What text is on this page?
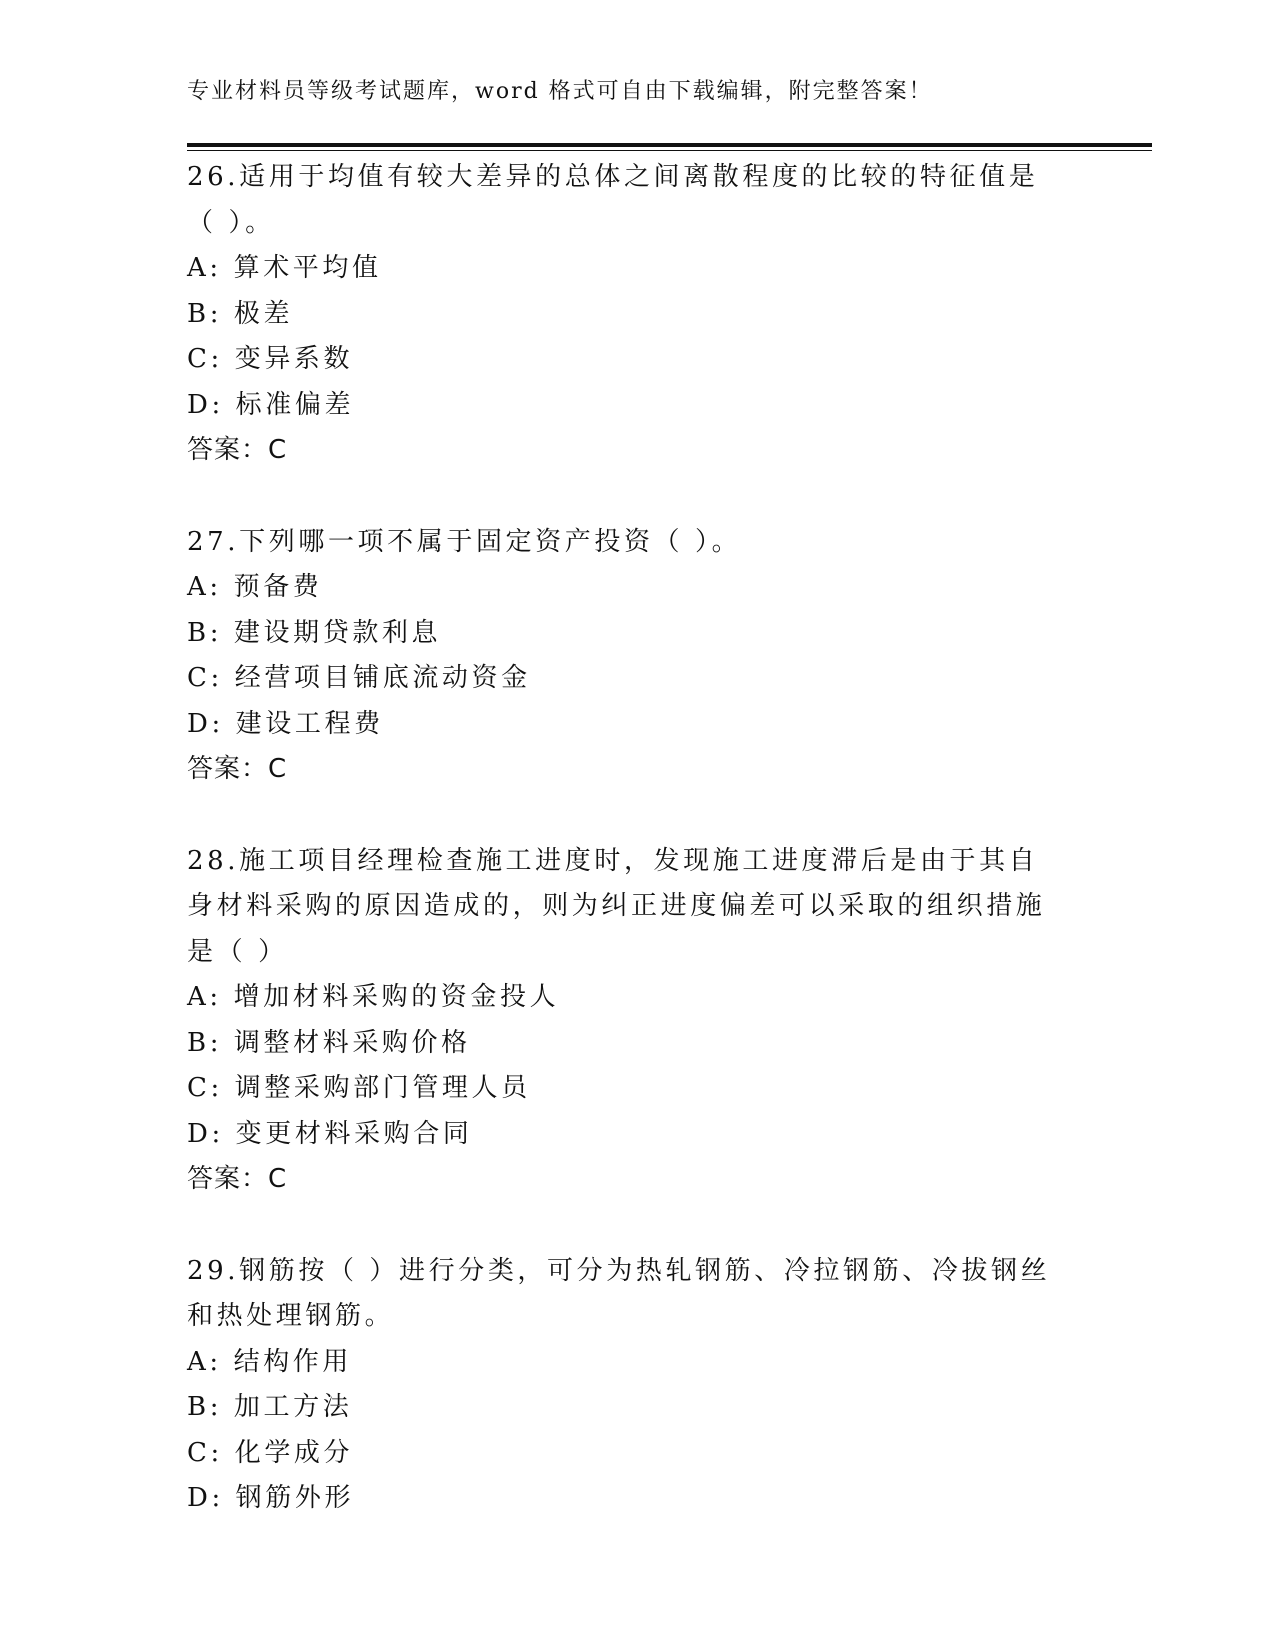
专业材料员等级考试题库，word 格式可自由下载编辑，附完整答案！
26.适用于均值有较大差异的总体之间离散程度的比较的特征值是（ ）。
A: 算术平均值
B: 极差
C: 变异系数
D: 标准偏差
答案：C
27.下列哪一项不属于固定资产投资（ ）。
A: 预备费
B: 建设期贷款利息
C: 经营项目铺底流动资金
D: 建设工程费
答案：C
28.施工项目经理检查施工进度时，发现施工进度滞后是由于其自身材料采购的原因造成的，则为纠正进度偏差可以采取的组织措施是（ ）
A: 增加材料采购的资金投人
B: 调整材料采购价格
C: 调整采购部门管理人员
D: 变更材料采购合同
答案：C
29.钢筋按（ ）进行分类，可分为热轧钢筋、冷拉钢筋、冷拔钢丝和热处理钢筋。
A: 结构作用
B: 加工方法
C: 化学成分
D: 钢筋外形
